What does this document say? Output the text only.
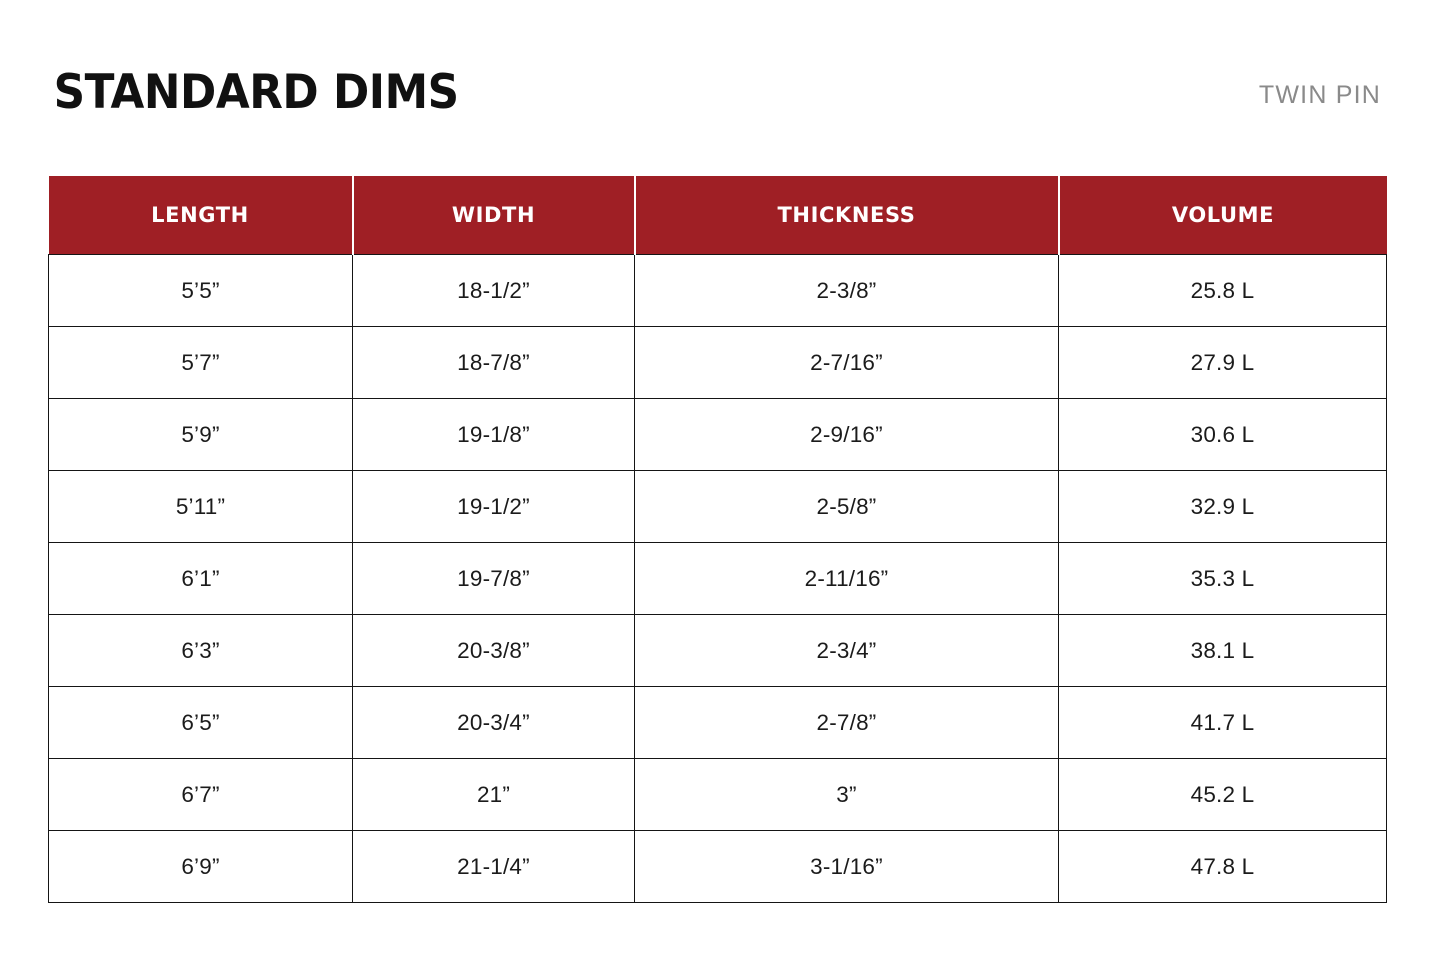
STANDARD DIMS	TWIN PIN
LENGTH	WIDTH	THICKNESS	VOLUME
5’5”	18-1/2”	2-3/8”	25.8 L
5’7”	18-7/8”	2-7/16”	27.9 L
5’9”	19-1/8”	2-9/16”	30.6 L
5’11”	19-1/2”	2-5/8”	32.9 L
6’1”	19-7/8”	2-11/16”	35.3 L
6’3”	20-3/8”	2-3/4”	38.1 L
6’5”	20-3/4”	2-7/8”	41.7 L
6’7”	21”	3”	45.2 L
6’9”	21-1/4”	3-1/16”	47.8 L
